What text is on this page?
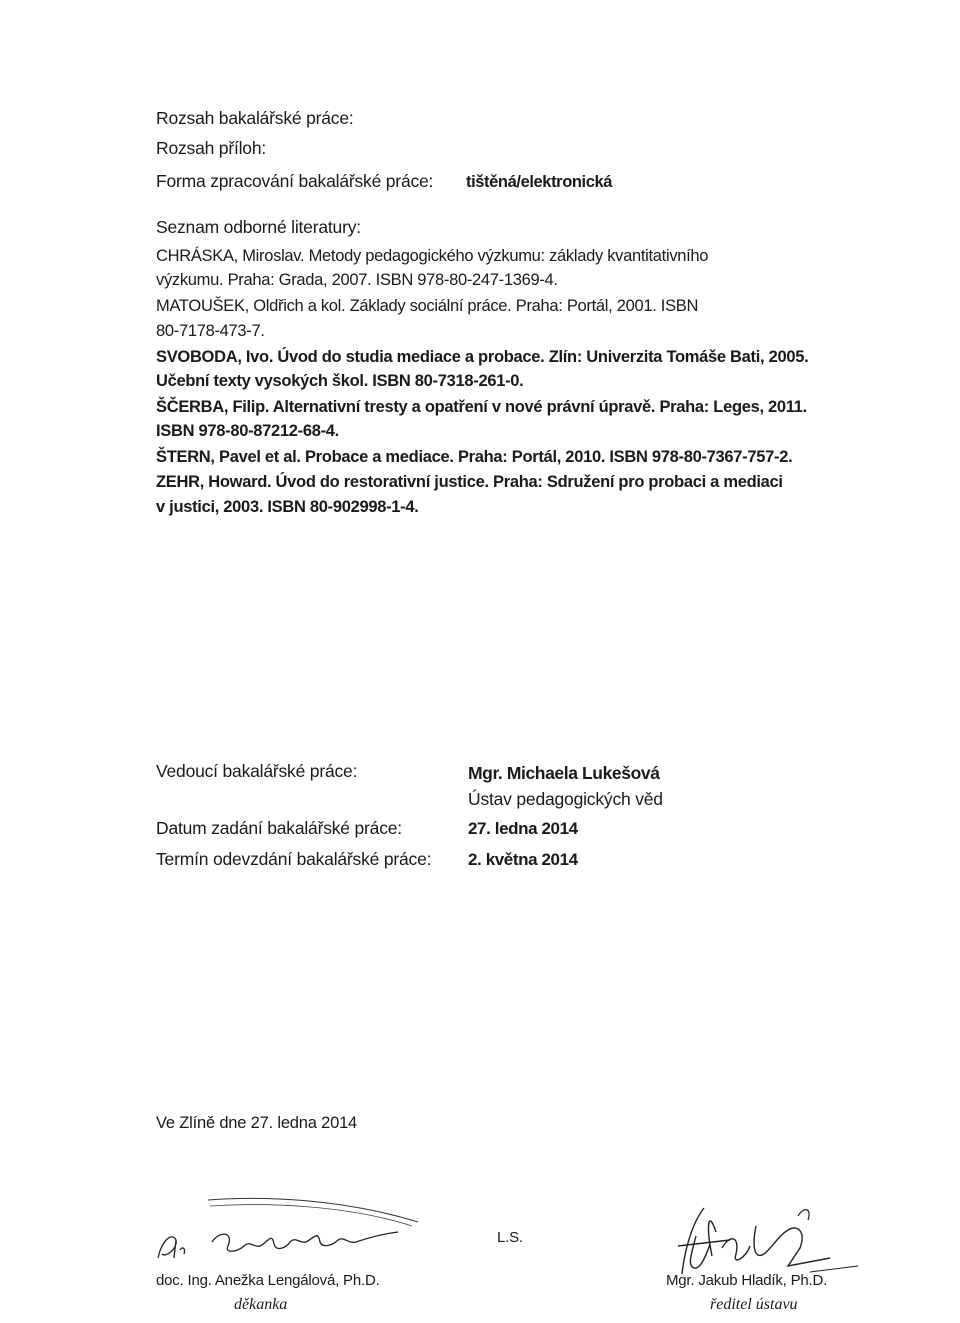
Rozsah bakalářské práce:
Rozsah příloh:
Forma zpracování bakalářské práce: tištěná/elektronická
Seznam odborné literatury:
CHRÁSKA, Miroslav. Metody pedagogického výzkumu: základy kvantitativního
výzkumu. Praha: Grada, 2007. ISBN 978-80-247-1369-4.
MATOUŠEK, Oldřich a kol. Základy sociální práce. Praha: Portál, 2001. ISBN
80-7178-473-7.
SVOBODA, Ivo. Úvod do studia mediace a probace. Zlín: Univerzita Tomáše Bati, 2005.
Učební texty vysokých škol. ISBN 80-7318-261-0.
ŠČERBA, Filip. Alternativní tresty a opatření v nové právní úpravě. Praha: Leges, 2011.
ISBN 978-80-87212-68-4.
ŠTERN, Pavel et al. Probace a mediace. Praha: Portál, 2010. ISBN 978-80-7367-757-2.
ZEHR, Howard. Úvod do restorativní justice. Praha: Sdružení pro probaci a mediaci
v justici, 2003. ISBN 80-902998-1-4.
Vedoucí bakalářské práce:	Mgr. Michaela Lukešová
Ústav pedagogických věd
Datum zadání bakalářské práce:	27. ledna 2014
Termín odevzdání bakalářské práce: 2. května 2014
Ve Zlíně dne 27. ledna 2014
doc. Ing. Anežka Lengálová, Ph.D.
děkanka
L.S.
Mgr. Jakub Hladík, Ph.D.
ředitel ústavu
